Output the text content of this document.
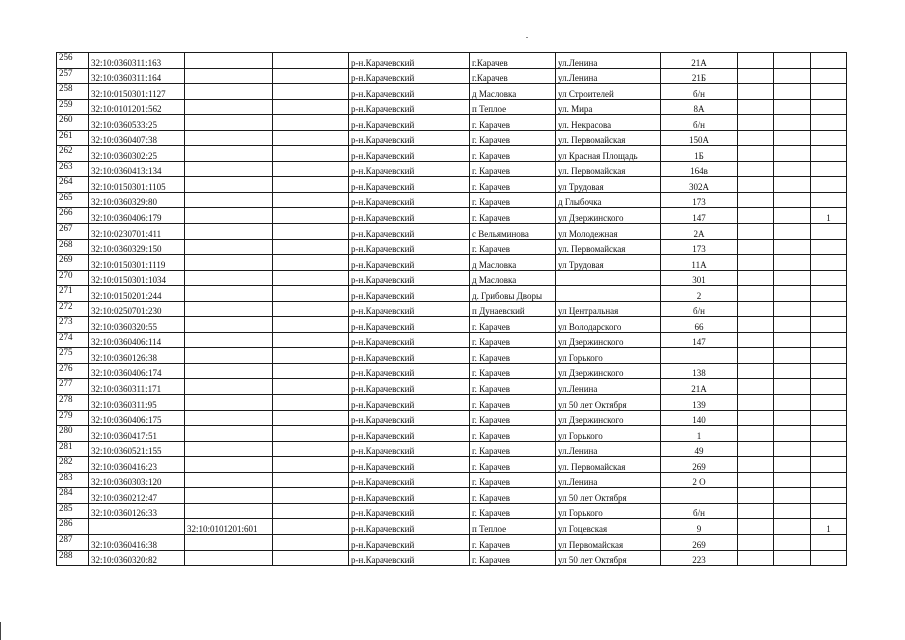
256	32:10:0360311:163			р-н.Карачевский	г.Карачев	ул.Ленина	21А			
257	32:10:0360311:164			р-н.Карачевский	г.Карачев	ул.Ленина	21Б			
258	32:10:0150301:1127			р-н.Карачевский	д Масловка	ул Строителей	б/н			
259	32:10:0101201:562			р-н.Карачевский	п Теплое	ул. Мира	8А			
260	32:10:0360533:25			р-н.Карачевский	г. Карачев	ул. Некрасова	б/н			
261	32:10:0360407:38			р-н.Карачевский	г. Карачев	ул. Первомайская	150А			
262	32:10:0360302:25			р-н.Карачевский	г. Карачев	ул Красная Площадь	1Б			
263	32:10:0360413:134			р-н.Карачевский	г. Карачев	ул. Первомайская	164в			
264	32:10:0150301:1105			р-н.Карачевский	г. Карачев	ул Трудовая	302А			
265	32:10:0360329:80			р-н.Карачевский	г. Карачев	д Глыбочка	173			
266	32:10:0360406:179			р-н.Карачевский	г. Карачев	ул Дзержинского	147			1
267	32:10:0230701:411			р-н.Карачевский	с Вельяминова	ул Молодежная	2А			
268	32:10:0360329:150			р-н.Карачевский	г. Карачев	ул. Первомайская	173			
269	32:10:0150301:1119			р-н.Карачевский	д Масловка	ул Трудовая	11А			
270	32:10:0150301:1034			р-н.Карачевский	д Масловка		301			
271	32:10:0150201:244			р-н.Карачевский	д. Грибовы Дворы		2			
272	32:10:0250701:230			р-н.Карачевский	п Дунаевский	ул Центральная	б/н			
273	32:10:0360320:55			р-н.Карачевский	г. Карачев	ул Володарского	66			
274	32:10:0360406:114			р-н.Карачевский	г. Карачев	ул Дзержинского	147			
275	32:10:0360126:38			р-н.Карачевский	г. Карачев	ул Горького				
276	32:10:0360406:174			р-н.Карачевский	г. Карачев	ул Дзержинского	138			
277	32:10:0360311:171			р-н.Карачевский	г. Карачев	ул.Ленина	21А			
278	32:10:0360311:95			р-н.Карачевский	г. Карачев	ул 50 лет Октября	139			
279	32:10:0360406:175			р-н.Карачевский	г. Карачев	ул Дзержинского	140			
280	32:10:0360417:51			р-н.Карачевский	г. Карачев	ул Горького	1			
281	32:10:0360521:155			р-н.Карачевский	г. Карачев	ул.Ленина	49			
282	32:10:0360416:23			р-н.Карачевский	г. Карачев	ул. Первомайская	269			
283	32:10:0360303:120			р-н.Карачевский	г. Карачев	ул.Ленина	2 О			
284	32:10:0360212:47			р-н.Карачевский	г. Карачев	ул 50 лет Октября				
285	32:10:0360126:33			р-н.Карачевский	г. Карачев	ул Горького	б/н			
286		32:10:0101201:601		р-н.Карачевский	п Теплое	ул Гоцевская	9			1
287	32:10:0360416:38			р-н.Карачевский	г. Карачев	ул Первомайская	269			
288	32:10:0360320:82			р-н.Карачевский	г. Карачев	ул 50 лет Октября	223			
